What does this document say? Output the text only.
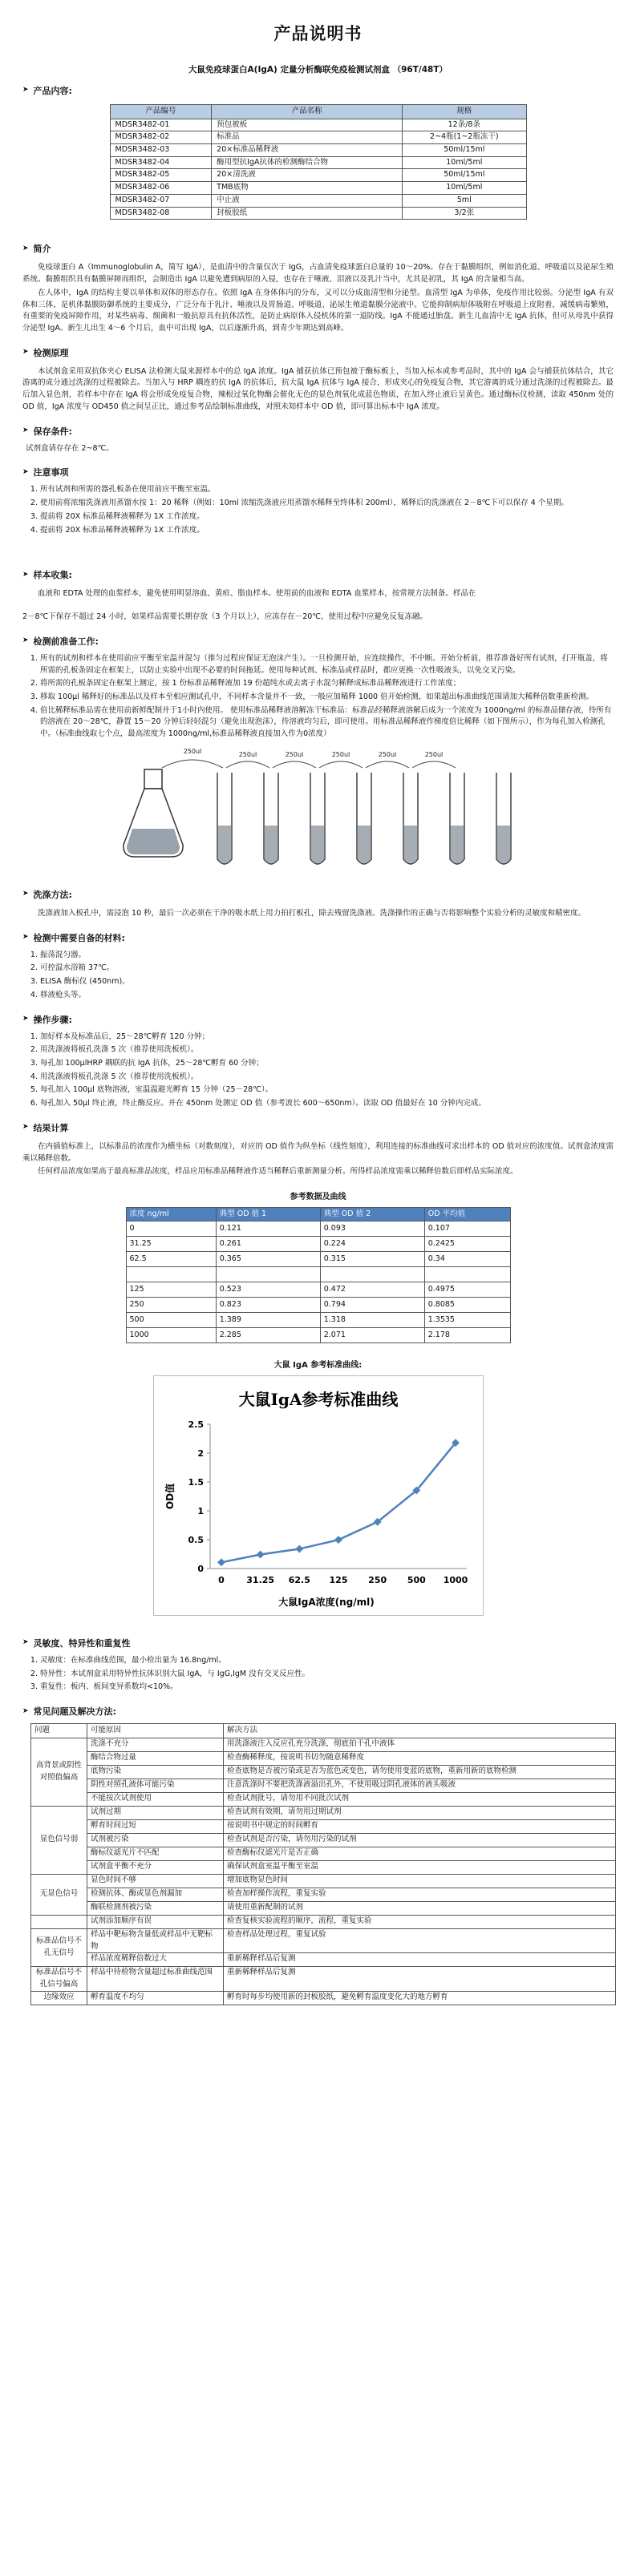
产品说明书
大鼠免疫球蛋白A(IgA) 定量分析酶联免疫检测试剂盒 （96T/48T）
➤ 产品内容:
产品编号	产品名称	规格
MDSR3482-01	预包被板	12条/8条
MDSR3482-02	标准品	2~4瓶(1~2瓶冻干)
MDSR3482-03	20×标准品稀释液	50ml/15ml
MDSR3482-04	酶用型抗IgA抗体的检测酶结合物	10ml/5ml
MDSR3482-05	20×清洗液	50ml/15ml
MDSR3482-06	TMB底物	10ml/5ml
MDSR3482-07	中止液	5ml
MDSR3482-08	封板胶纸	3/2张
➤ 简介

免疫球蛋白 A（Immunoglobulin A，简写 IgA），是血清中的含量仅次于 IgG，占血清免疫球蛋白总量的 10～20%。存在于黏膜组织，例如消化道、呼吸道以及泌尿生殖系统。黏膜组织具有黏膜屏障而组织，会制造出 IgA 以避免遭到病原的入侵，也存在于唾液、泪液以及乳汁当中，尤其是初乳，其 IgA 的含量相当高。

在人体中，IgA 的结构主要以单体和双体的形态存在。依照 IgA 在身体体内的分布，又可以分成血清型和分泌型。血清型 IgA 为单体，免疫作用比较弱。分泌型 IgA 有双体和三体，是机体黏膜防御系统的主要成分，广泛分布于乳汁、唾液以及胃肠道、呼吸道、泌尿生殖道黏膜分泌液中。它能抑制病原体吸附在呼吸道上皮附着，减缓病毒繁殖，有重要的免疫屏障作用，对某些病毒、细菌和一般抗原具有抗体活性，是防止病原体入侵机体的第一道防线。IgA 不能通过胎盘。新生儿血清中无 IgA 抗体，但可从母乳中获得分泌型 IgA。新生儿出生 4～6 个月后，血中可出现 IgA，以后逐渐升高，到青少年期达到高峰。

➤ 检测原理

本试剂盒采用双抗体夹心 ELISA 法检测大鼠来源样本中的总 IgA 浓度。IgA 捕获抗体已预包被于酶标板上，当加入标本或参考品时，其中的 IgA 会与捕获抗体结合，其它游离的成分通过洗涤的过程被除去。当加入与 HRP 耦连的抗 IgA 的抗体后，抗大鼠 IgA 抗体与 IgA 接合，形成夹心的免疫复合物，其它游离的成分通过洗涤的过程被除去。最后加入显色剂，若样本中存在 IgA 将会形成免疫复合物，辣根过氧化物酶会催化无色的显色剂氧化成蓝色物质，在加入终止液后呈黄色。通过酶标仪检测，读取 450nm 处的 OD 值，IgA 浓度与 OD450 值之间呈正比，通过参考品绘制标准曲线，对照未知样本中 OD 值，即可算出标本中 IgA 浓度。

➤ 保存条件:

试剂盒请存存在 2~8℃。

➤ 注意事项
1. 所有试剂和所需的器孔板条在使用前应平衡至室温。
2. 使用前将浓缩洗涤液用蒸馏水按 1：20 稀释（例如：10ml 浓缩洗涤液应用蒸馏水稀释至终体积 200ml），稀释后的洗涤液在 2－8℃下可以保存 4 个星期。
3. 提前将 20X 标准品稀释液稀释为 1X 工作浓度。
4. 提前将 20X 标准品稀释液稀释为 1X 工作浓度。
➤ 样本收集:

血液和 EDTA 处理的血浆样本，避免使用明显溶血、黄疸、脂血样本。使用前的血液和 EDTA 血浆样本，按常规方法制备。样品在

2－8℃下保存不超过 24 小时，如果样品需要长期存放（3 个月以上），应冻存在－20℃，使用过程中应避免反复冻融。

➤ 检测前准备工作:
1. 所有的试剂和样本在使用前应平衡至室温并混匀（推匀过程应保证无泡沫产生）。一旦检测开始，应连续操作，不中断。开始分析前，推荐准备好所有试剂，打开瓶盖，将所需的孔板条固定在框架上，以防止实验中出现不必要的时间拖延。使用每种试剂、标准品或样品时，都应更换一次性吸液头，以免交叉污染。
2. 将所需的孔板条固定在框架上测定，按 1 份标准品稀释液加 19 份超纯水或去离子水混匀稀释成标准品稀释液进行工作浓度；
3. 移取 100μl 稀释好的标准品以及样本至相应测试孔中，不同样本含量并不一致，一般应加稀释 1000 倍开始检测，如果超出标准曲线范围请加大稀释倍数重新检测。
4. 倍比稀释标准品需在使用前新鲜配制并于1小时内使用。 使用标准品稀释液溶解冻干标准品：标准品经稀释液溶解后成为一个浓度为 1000ng/ml 的标准品储存液，待所有的溶液在 20～28℃，静置 15～20 分钟后轻轻混匀（避免出现泡沫），待溶液均匀后，即可使用。用标准品稀释液作梯度倍比稀释（如下图所示），作为每孔加入检测孔中。（标准曲线取七个点，最高浓度为 1000ng/ml,标准品稀释液直接加入作为0浓度）
250ul	250ul	250ul	250ul	250ul	250ul
➤ 洗涤方法:

洗涤液加入板孔中，需浸泡 10 秒，最后一次必须在干净的吸水纸上用力拍打板孔，除去残留洗涤液。洗涤操作的正确与否将影响整个实验分析的灵敏度和精密度。

➤ 检测中需要自备的材料:
1. 振荡混匀器。
2. 可控温水浴箱 37℃。
3. ELISA 酶标仪 (450nm)。
4. 移液枪头等。
➤ 操作步骤:
1. 加好样本及标准品后，25～28℃孵育 120 分钟；
2. 用洗涤液将板孔洗涤 5 次（推荐使用洗板机）。
3. 每孔加 100μlHRP 耦联的抗 IgA 抗体，25～28℃孵育 60 分钟；
4. 用洗涤液将板孔洗涤 5 次（推荐使用洗板机）。
5. 每孔加入 100μl 底物溶液，室温温避光孵育 15 分钟（25－28℃）。
6. 每孔加入 50μl 终止液，终止酶反应。并在 450nm 处测定 OD 值（参考波长 600～650nm）。读取 OD 值最好在 10 分钟内完成。
➤ 结果计算

在内插值标准上，以标准品的浓度作为横坐标（对数刻度），对应的 OD 值作为纵坐标（线性刻度），利用连接的标准曲线可求出样本的 OD 值对应的浓度值。试剂盒浓度需乘以稀释倍数。

任何样品浓度如果高于最高标准品浓度，样品应用标准品稀释液作适当稀释后重新测量分析。所得样品浓度需乘以稀释倍数后即样品实际浓度。

参考数据及曲线
浓度 ng/ml	典型 OD 值 1	典型 OD 值 2	OD 平均值
0	0.121	0.093	0.107
31.25	0.261	0.224	0.2425
62.5	0.365	0.315	0.34

125	0.523	0.472	0.4975
250	0.823	0.794	0.8085
500	1.389	1.318	1.3535
1000	2.285	2.071	2.178
大鼠 IgA 参考标准曲线:
大鼠IgA参考标准曲线
OD值
大鼠IgA浓度(ng/ml)
0
0.5
1
1.5
2
2.5
0 31.25 62.5 125 250 500 1000
➤ 灵敏度、特异性和重复性
1. 灵敏度：在标准曲线范围，最小检出量为 16.8ng/ml。
2. 特异性：本试剂盒采用特异性抗体识别大鼠 IgA，与 IgG,IgM 没有交叉反应性。
3. 重复性：板内、板间变异系数均<10%。
➤ 常见问题及解决方法:
问题	可能原因	解决方法
高背景或阴性对照值偏高	洗涤不充分	用洗涤液注入反应孔充分洗涤，彻底拍干孔中液体
	酶结合物过量	检查酶稀释度，按说明书切勿随意稀释度
	底物污染	检查底物是否被污染或是否为蓝色或变色，请勿使用变蓝的底物，重新用新的底物检测
	阴性对照孔液体可能污染	注意洗涤时不要把洗涤液溢出孔外，不使用吸过阴孔液体的液头吸液
	不能按次试剂使用	检查试剂批号，请勿用不同批次试剂
显色信号弱	试剂过期	检查试剂有效期，请勿用过期试剂
	孵育时间过短	按说明书中规定的时间孵育
	试剂被污染	检查试剂是否污染，请勿用污染的试剂
	酶标仪滤光片不匹配	检查酶标仪滤光片是否正确
	试剂盒平衡不充分	确保试剂盒室温平衡至室温
无显色信号	显色时间不够	增加底物显色时间
	检测抗体、酶或显色剂漏加	检查加样操作流程，重复实验
	酶联检测剂被污染	请使用重新配制的试剂
	试剂添加顺序有误	检查复核实验流程的顺序，流程，重复实验
标准品信号不孔无信号	样品中靶标物含量低或样品中无靶标物	检查样品处理过程，重复试验
	样品浓度稀释倍数过大	重新稀释样品后复测
标准品信号不孔信号偏高	样品中待检物含量超过标准曲线范围	重新稀释样品后复测
边缘效应	孵育温度不均匀	孵育时每步均使用新的封板胶纸，避免孵育温度变化大的地方孵育
